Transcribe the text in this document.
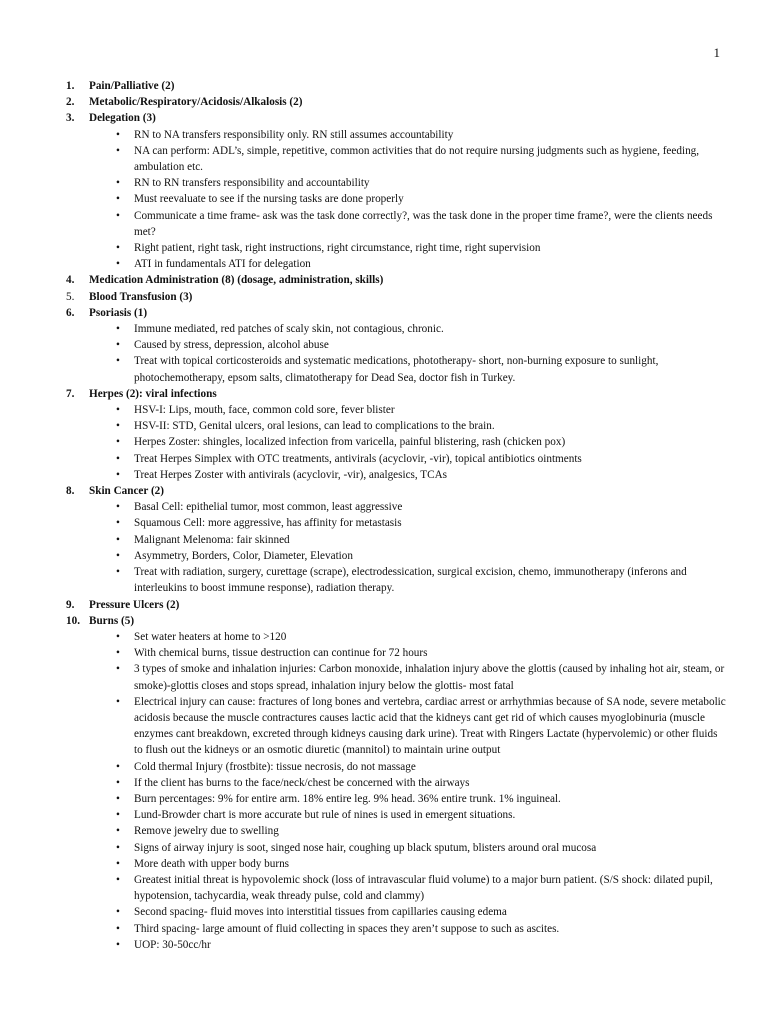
1
1.	Pain/Palliative (2)
2.	Metabolic/Respiratory/Acidosis/Alkalosis (2)
3.	Delegation (3)
• RN to NA transfers responsibility only. RN still assumes accountability
• NA can perform: ADL’s, simple, repetitive, common activities that do not require nursing judgments such as hygiene, feeding, ambulation etc.
• RN to RN transfers responsibility and accountability
• Must reevaluate to see if the nursing tasks are done properly
• Communicate a time frame- ask was the task done correctly?, was the task done in the proper time frame?, were the clients needs met?
• Right patient, right task, right instructions, right circumstance, right time, right supervision
• ATI in fundamentals ATI for delegation
4.	Medication Administration (8) (dosage, administration, skills)
5.	Blood Transfusion (3)
6.	Psoriasis (1)
• Immune mediated, red patches of scaly skin, not contagious, chronic.
• Caused by stress, depression, alcohol abuse
• Treat with topical corticosteroids and systematic medications, phototherapy- short, non-burning exposure to sunlight, photochemotherapy, epsom salts, climatotherapy for Dead Sea, doctor fish in Turkey.
7.	Herpes (2): viral infections
• HSV-I: Lips, mouth, face, common cold sore, fever blister
• HSV-II: STD, Genital ulcers, oral lesions, can lead to complications to the brain.
• Herpes Zoster: shingles, localized infection from varicella, painful blistering, rash (chicken pox)
• Treat Herpes Simplex with OTC treatments, antivirals (acyclovir, -vir), topical antibiotics ointments
• Treat Herpes Zoster with antivirals (acyclovir, -vir), analgesics, TCAs
8.	Skin Cancer (2)
• Basal Cell: epithelial tumor, most common, least aggressive
• Squamous Cell: more aggressive, has affinity for metastasis
• Malignant Melenoma: fair skinned
• Asymmetry, Borders, Color, Diameter, Elevation
• Treat with radiation, surgery, curettage (scrape), electrodessication, surgical excision, chemo, immunotherapy (inferons and interleukins to boost immune response), radiation therapy.
9.	Pressure Ulcers (2)
10. Burns (5)
• Set water heaters at home to >120
• With chemical burns, tissue destruction can continue for 72 hours
• 3 types of smoke and inhalation injuries: Carbon monoxide, inhalation injury above the glottis (caused by inhaling hot air, steam, or smoke)-glottis closes and stops spread, inhalation injury below the glottis- most fatal
• Electrical injury can cause: fractures of long bones and vertebra, cardiac arrest or arrhythmias because of SA node, severe metabolic acidosis because the muscle contractures causes lactic acid that the kidneys cant get rid of which causes myoglobinuria (muscle enzymes cant breakdown, excreted through kidneys causing dark urine). Treat with Ringers Lactate (hypervolemic) or other fluids to flush out the kidneys or an osmotic diuretic (mannitol) to maintain urine output
• Cold thermal Injury (frostbite): tissue necrosis, do not massage
• If the client has burns to the face/neck/chest be concerned with the airways
• Burn percentages: 9% for entire arm. 18% entire leg. 9% head. 36% entire trunk. 1% inguineal.
• Lund-Browder chart is more accurate but rule of nines is used in emergent situations.
• Remove jewelry due to swelling
• Signs of airway injury is soot, singed nose hair, coughing up black sputum, blisters around oral mucosa
• More death with upper body burns
• Greatest initial threat is hypovolemic shock (loss of intravascular fluid volume) to a major burn patient. (S/S shock: dilated pupil, hypotension, tachycardia, weak thready pulse, cold and clammy)
• Second spacing- fluid moves into interstitial tissues from capillaries causing edema
• Third spacing- large amount of fluid collecting in spaces they aren’t suppose to such as ascites.
• UOP: 30-50cc/hr
